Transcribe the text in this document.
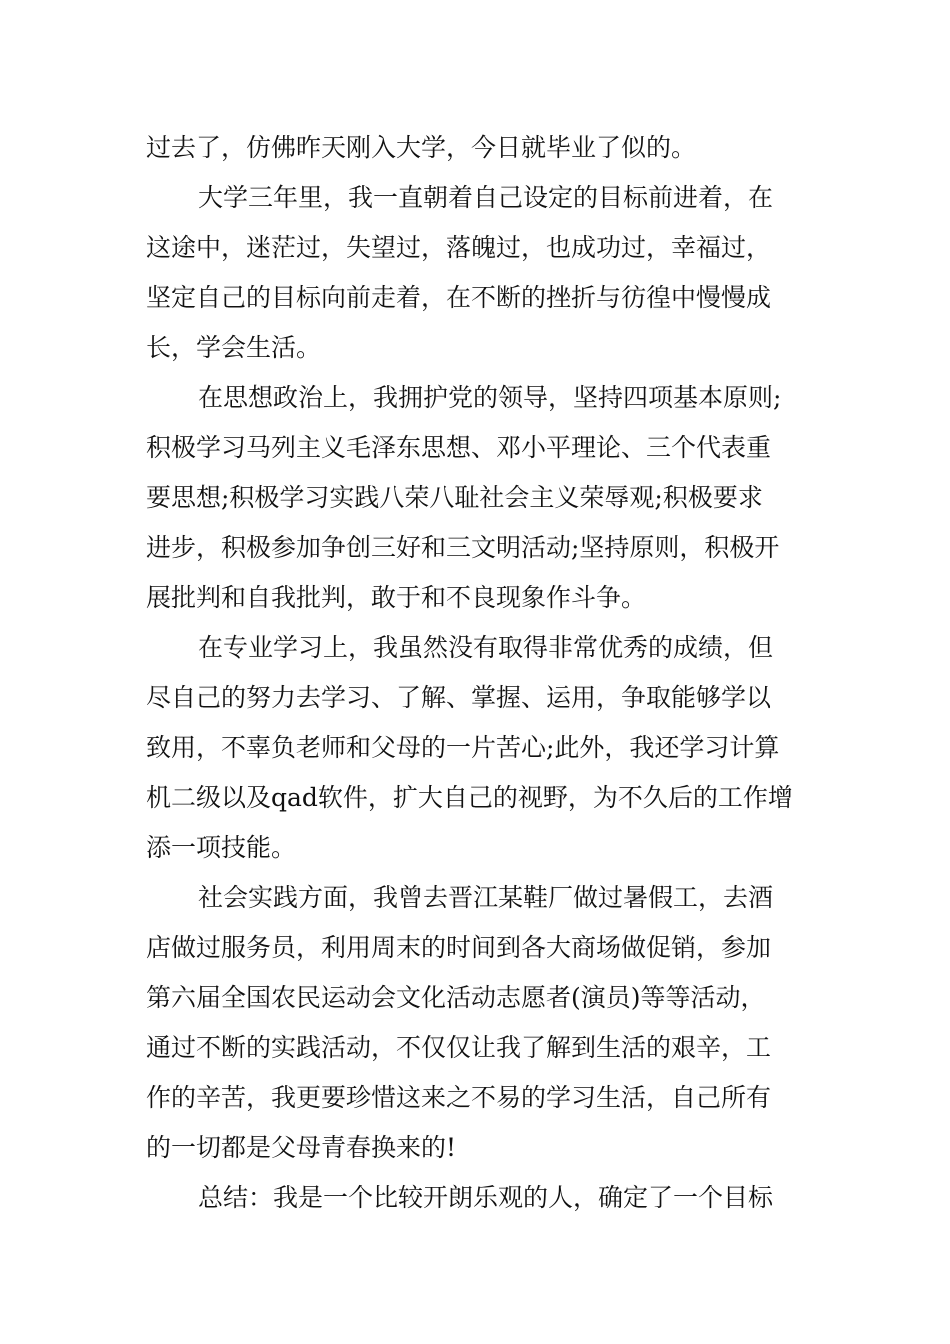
过去了，仿佛昨天刚入大学，今日就毕业了似的。
大学三年里，我一直朝着自己设定的目标前进着，在
这途中，迷茫过，失望过，落魄过，也成功过，幸福过，
坚定自己的目标向前走着，在不断的挫折与彷徨中慢慢成
长，学会生活。
在思想政治上，我拥护党的领导，坚持四项基本原则;
积极学习马列主义毛泽东思想、邓小平理论、三个代表重
要思想;积极学习实践八荣八耻社会主义荣辱观;积极要求
进步，积极参加争创三好和三文明活动;坚持原则，积极开
展批判和自我批判，敢于和不良现象作斗争。
在专业学习上，我虽然没有取得非常优秀的成绩，但
尽自己的努力去学习、了解、掌握、运用，争取能够学以
致用，不辜负老师和父母的一片苦心;此外，我还学习计算
机二级以及qad软件，扩大自己的视野，为不久后的工作增
添一项技能。
社会实践方面，我曾去晋江某鞋厂做过暑假工，去酒
店做过服务员，利用周末的时间到各大商场做促销，参加
第六届全国农民运动会文化活动志愿者(演员)等等活动，
通过不断的实践活动，不仅仅让我了解到生活的艰辛，工
作的辛苦，我更要珍惜这来之不易的学习生活，自己所有
的一切都是父母青春换来的!
总结：我是一个比较开朗乐观的人，确定了一个目标
